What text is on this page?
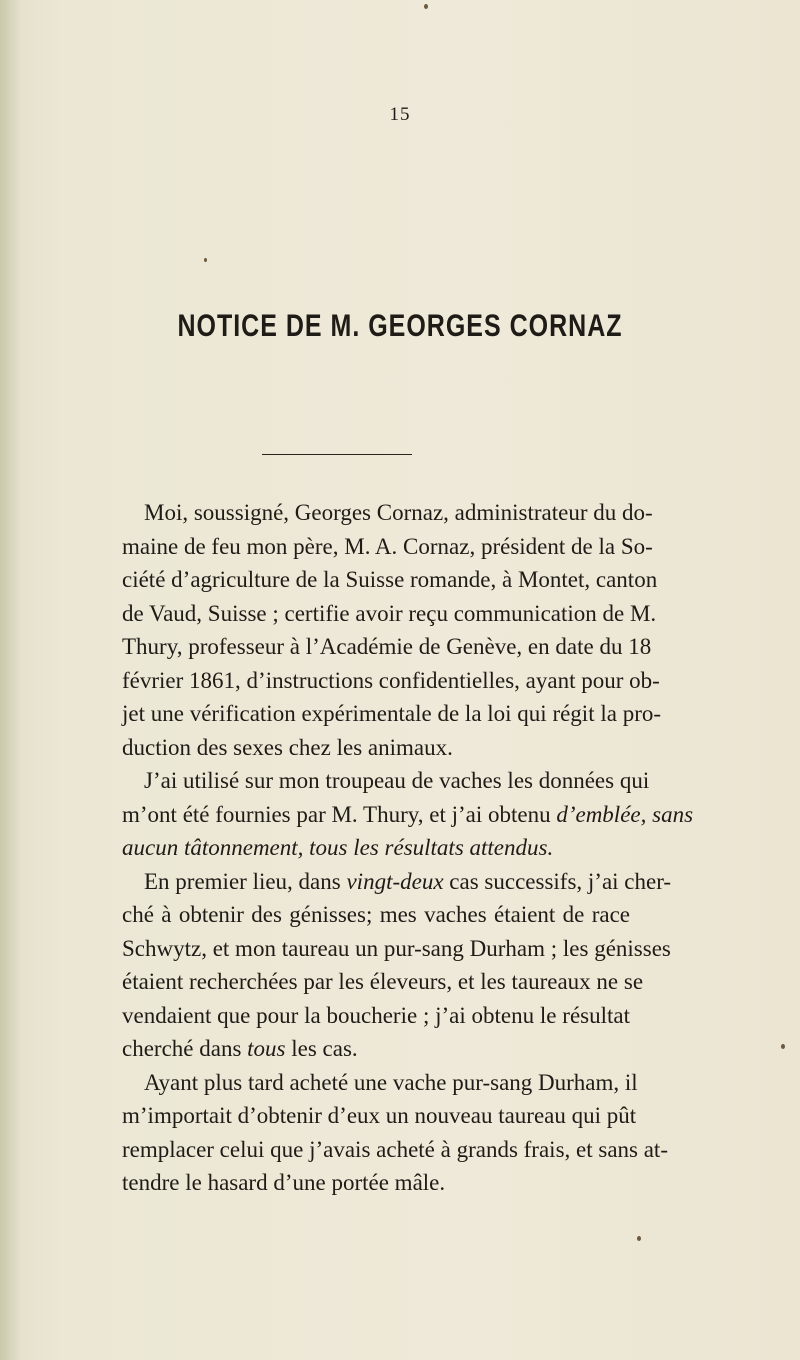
15
NOTICE DE M. GEORGES CORNAZ
Moi, soussigné, Georges Cornaz, administrateur du do-
maine de feu mon père, M. A. Cornaz, président de la So-
ciété d’agriculture de la Suisse romande, à Montet, canton
de Vaud, Suisse ; certifie avoir reçu communication de M.
Thury, professeur à l’Académie de Genève, en date du 18
février 1861, d’instructions confidentielles, ayant pour ob-
jet une vérification expérimentale de la loi qui régit la pro-
duction des sexes chez les animaux.
J’ai utilisé sur mon troupeau de vaches les données qui
m’ont été fournies par M. Thury, et j’ai obtenu d’emblée, sans
aucun tâtonnement, tous les résultats attendus.
En premier lieu, dans vingt-deux cas successifs, j’ai cher-
ché à obtenir des génisses; mes vaches étaient de race
Schwytz, et mon taureau un pur-sang Durham ; les génisses
étaient recherchées par les éleveurs, et les taureaux ne se
vendaient que pour la boucherie ; j’ai obtenu le résultat
cherché dans tous les cas.
Ayant plus tard acheté une vache pur-sang Durham, il
m’importait d’obtenir d’eux un nouveau taureau qui pût
remplacer celui que j’avais acheté à grands frais, et sans at-
tendre le hasard d’une portée mâle.
